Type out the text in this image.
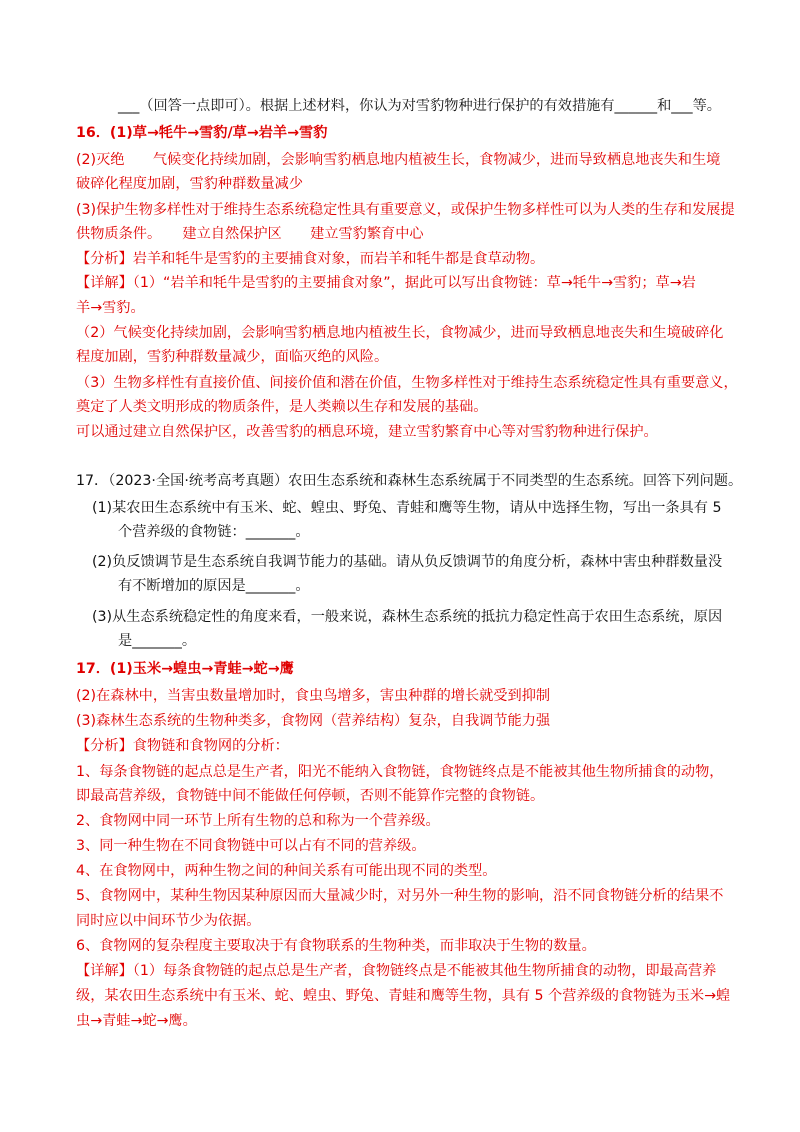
___（回答一点即可）。根据上述材料，你认为对雪豹物种进行保护的有效措施有______和___等。
16．(1)草→牦牛→雪豹/草→岩羊→雪豹
(2)灭绝　　气候变化持续加剧，会影响雪豹栖息地内植被生长，食物减少，进而导致栖息地丧失和生境
破碎化程度加剧，雪豹种群数量减少
(3)保护生物多样性对于维持生态系统稳定性具有重要意义，或保护生物多样性可以为人类的生存和发展提
供物质条件。　　建立自然保护区　　建立雪豹繁育中心
【分析】岩羊和牦牛是雪豹的主要捕食对象，而岩羊和牦牛都是食草动物。
【详解】（1）“岩羊和牦牛是雪豹的主要捕食对象”，据此可以写出食物链：草→牦牛→雪豹；草→岩
羊→雪豹。
（2）气候变化持续加剧，会影响雪豹栖息地内植被生长，食物减少，进而导致栖息地丧失和生境破碎化
程度加剧，雪豹种群数量减少，面临灭绝的风险。
（3）生物多样性有直接价值、间接价值和潜在价值，生物多样性对于维持生态系统稳定性具有重要意义，
奠定了人类文明形成的物质条件，是人类赖以生存和发展的基础。
可以通过建立自然保护区，改善雪豹的栖息环境，建立雪豹繁育中心等对雪豹物种进行保护。
17．（2023·全国·统考高考真题）农田生态系统和森林生态系统属于不同类型的生态系统。回答下列问题。
(1)某农田生态系统中有玉米、蛇、蝗虫、野兔、青蛙和鹰等生物，请从中选择生物，写出一条具有 5
个营养级的食物链：_______。
(2)负反馈调节是生态系统自我调节能力的基础。请从负反馈调节的角度分析，森林中害虫种群数量没
有不断增加的原因是_______。
(3)从生态系统稳定性的角度来看，一般来说，森林生态系统的抵抗力稳定性高于农田生态系统，原因
是_______。
17．(1)玉米→蝗虫→青蛙→蛇→鹰
(2)在森林中，当害虫数量增加时，食虫鸟增多，害虫种群的增长就受到抑制
(3)森林生态系统的生物种类多，食物网（营养结构）复杂，自我调节能力强
【分析】食物链和食物网的分析：
1、每条食物链的起点总是生产者，阳光不能纳入食物链，食物链终点是不能被其他生物所捕食的动物，
即最高营养级，食物链中间不能做任何停顿，否则不能算作完整的食物链。
2、食物网中同一环节上所有生物的总和称为一个营养级。
3、同一种生物在不同食物链中可以占有不同的营养级。
4、在食物网中，两种生物之间的种间关系有可能出现不同的类型。
5、食物网中，某种生物因某种原因而大量减少时，对另外一种生物的影响，沿不同食物链分析的结果不
同时应以中间环节少为依据。
6、食物网的复杂程度主要取决于有食物联系的生物种类，而非取决于生物的数量。
【详解】（1）每条食物链的起点总是生产者，食物链终点是不能被其他生物所捕食的动物，即最高营养
级，某农田生态系统中有玉米、蛇、蝗虫、野兔、青蛙和鹰等生物，具有 5 个营养级的食物链为玉米→蝗
虫→青蛙→蛇→鹰。
